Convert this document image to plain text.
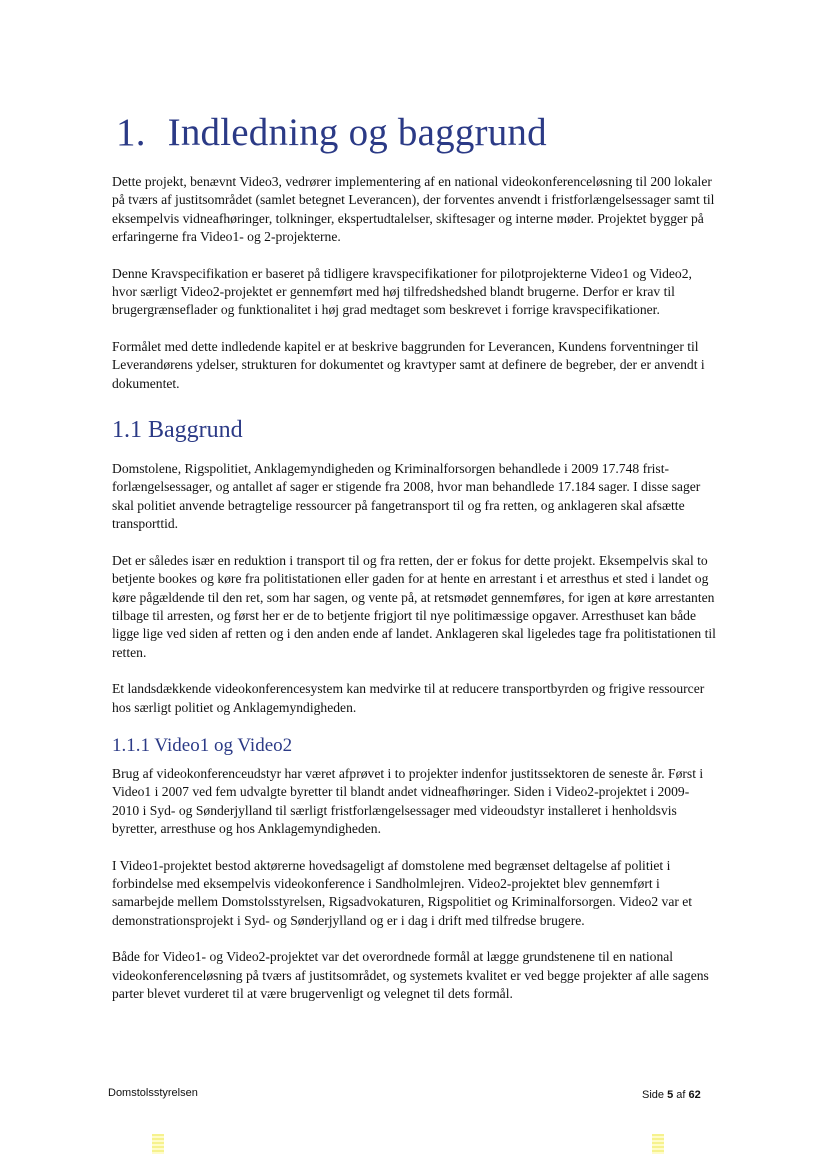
1. Indledning og baggrund

Dette projekt, benævnt Video3, vedrører implementering af en national videokonferenceløsning til 200 lokaler på tværs af justitsområdet (samlet betegnet Leverancen), der forventes anvendt i fristforlængelsessager samt til eksempelvis vidneafhøringer, tolkninger, ekspertudtalelser, skiftesager og interne møder. Projektet bygger på erfaringerne fra Video1- og 2-projekterne.

Denne Kravspecifikation er baseret på tidligere kravspecifikationer for pilotprojekterne Video1 og Video2, hvor særligt Video2-projektet er gennemført med høj tilfredshedshed blandt brugerne. Derfor er krav til brugergrænseflader og funktionalitet i høj grad medtaget som beskrevet i forrige kravspecifikationer.

Formålet med dette indledende kapitel er at beskrive baggrunden for Leverancen, Kundens forventninger til Leverandørens ydelser, strukturen for dokumentet og kravtyper samt at definere de begreber, der er anvendt i dokumentet.

1.1 Baggrund

Domstolene, Rigspolitiet, Anklagemyndigheden og Kriminalforsorgen behandlede i 2009 17.748 fristforlængelsessager, og antallet af sager er stigende fra 2008, hvor man behandlede 17.184 sager. I disse sager skal politiet anvende betragtelige ressourcer på fangetransport til og fra retten, og anklageren skal afsætte transporttid.

Det er således især en reduktion i transport til og fra retten, der er fokus for dette projekt. Eksempelvis skal to betjente bookes og køre fra politistationen eller gaden for at hente en arrestant i et arresthus et sted i landet og køre pågældende til den ret, som har sagen, og vente på, at retsmødet gennemføres, for igen at køre arrestanten tilbage til arresten, og først her er de to betjente frigjort til nye politimæssige opgaver. Arresthuset kan både ligge lige ved siden af retten og i den anden ende af landet. Anklageren skal ligeledes tage fra politistationen til retten.

Et landsdækkende videokonferencesystem kan medvirke til at reducere transportbyrden og frigive ressourcer hos særligt politiet og Anklagemyndigheden.

1.1.1 Video1 og Video2

Brug af videokonferenceudstyr har været afprøvet i to projekter indenfor justitssektoren de seneste år. Først i Video1 i 2007 ved fem udvalgte byretter til blandt andet vidneafhøringer. Siden i Video2-projektet i 2009-2010 i Syd- og Sønderjylland til særligt fristforlængelsessager med videoudstyr installeret i henholdsvis byretter, arresthuse og hos Anklagemyndigheden.

I Video1-projektet bestod aktørerne hovedsageligt af domstolene med begrænset deltagelse af politiet i forbindelse med eksempelvis videokonference i Sandholmlejren. Video2-projektet blev gennemført i samarbejde mellem Domstolsstyrelsen, Rigsadvokaturen, Rigspolitiet og Kriminalforsorgen. Video2 var et demonstrationsprojekt i Syd- og Sønderjylland og er i dag i drift med tilfredse brugere.

Både for Video1- og Video2-projektet var det overordnede formål at lægge grundstenene til en national videokonferenceløsning på tværs af justitsområdet, og systemets kvalitet er ved begge projekter af alle sagens parter blevet vurderet til at være brugervenligt og velegnet til dets formål.

Domstolsstyrelsen	Side 5 af 62
